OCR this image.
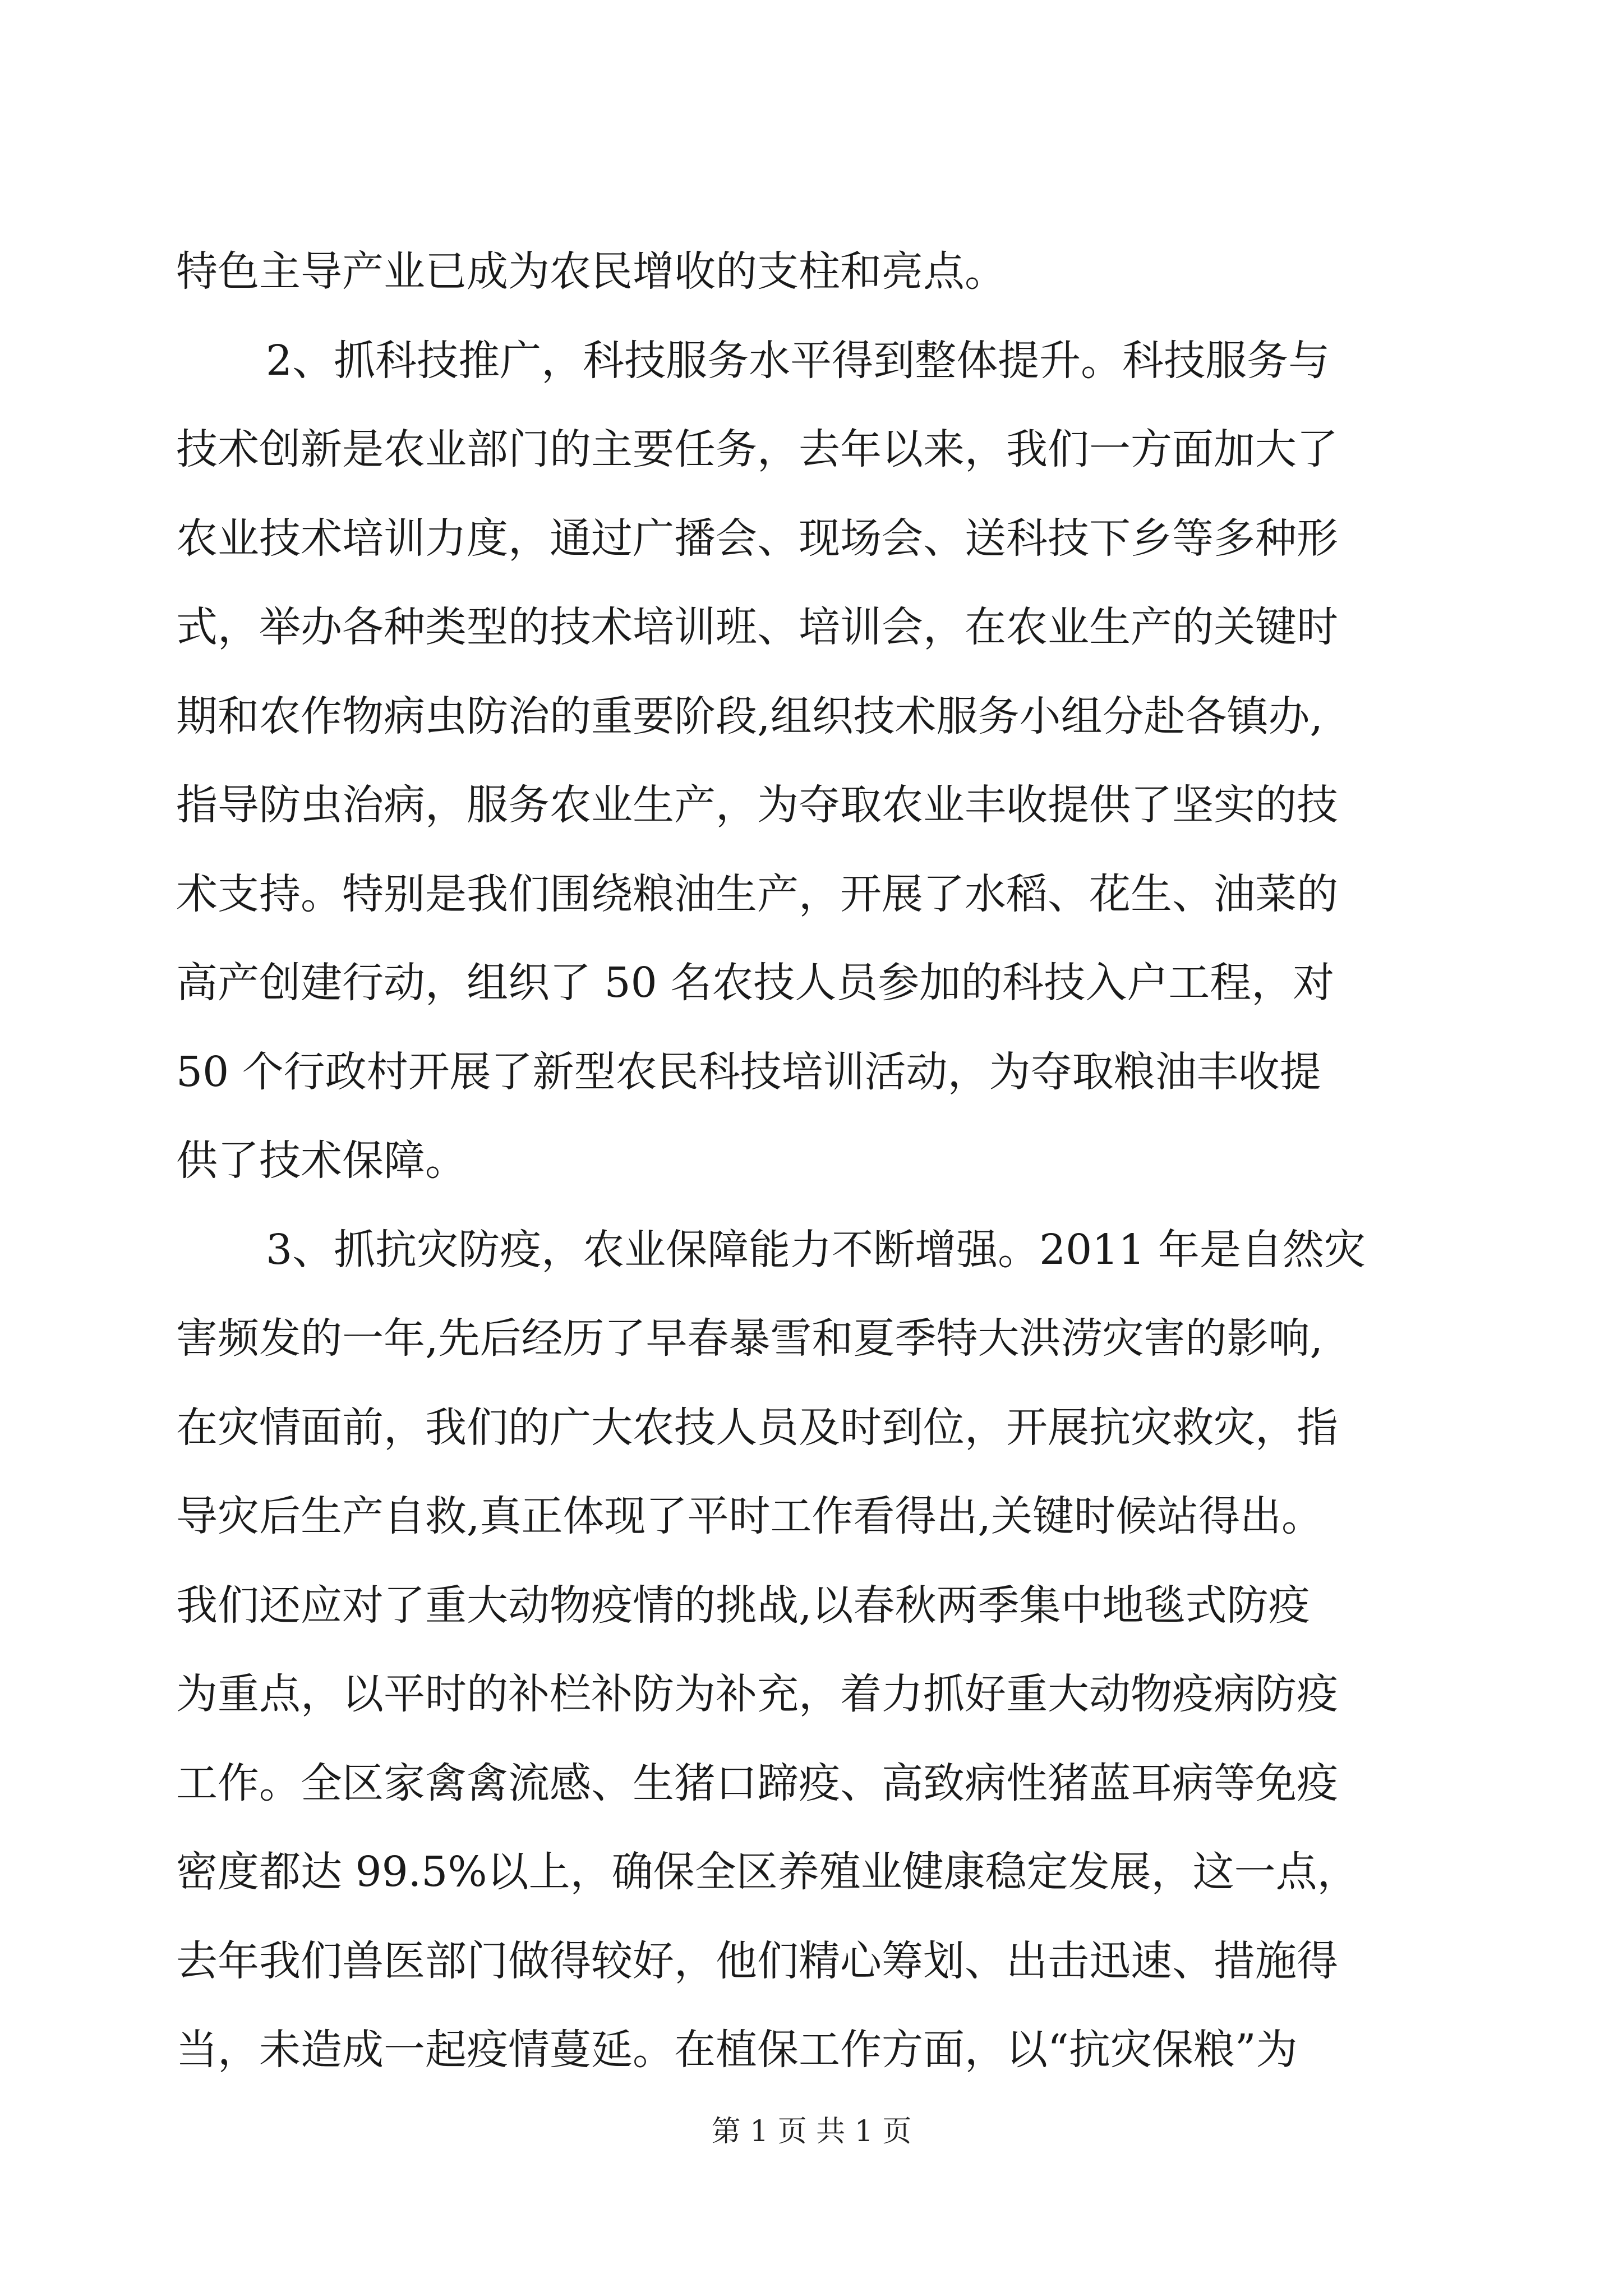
特色主导产业已成为农民增收的支柱和亮点。
2、抓科技推广，科技服务水平得到整体提升。科技服务与
技术创新是农业部门的主要任务，去年以来，我们一方面加大了
农业技术培训力度，通过广播会、现场会、送科技下乡等多种形
式，举办各种类型的技术培训班、培训会，在农业生产的关键时
期和农作物病虫防治的重要阶段,组织技术服务小组分赴各镇办,
指导防虫治病，服务农业生产，为夺取农业丰收提供了坚实的技
术支持。特别是我们围绕粮油生产，开展了水稻、花生、油菜的
高产创建行动，组织了 50 名农技人员参加的科技入户工程，对
50 个行政村开展了新型农民科技培训活动，为夺取粮油丰收提
供了技术保障。
3、抓抗灾防疫，农业保障能力不断增强。2011 年是自然灾
害频发的一年,先后经历了早春暴雪和夏季特大洪涝灾害的影响,
在灾情面前，我们的广大农技人员及时到位，开展抗灾救灾，指
导灾后生产自救,真正体现了平时工作看得出,关键时候站得出。
我们还应对了重大动物疫情的挑战,以春秋两季集中地毯式防疫
为重点，以平时的补栏补防为补充，着力抓好重大动物疫病防疫
工作。全区家禽禽流感、生猪口蹄疫、高致病性猪蓝耳病等免疫
密度都达 99.5%以上，确保全区养殖业健康稳定发展，这一点，
去年我们兽医部门做得较好，他们精心筹划、出击迅速、措施得
当，未造成一起疫情蔓延。在植保工作方面，以“抗灾保粮”为
第 1 页 共 1 页
